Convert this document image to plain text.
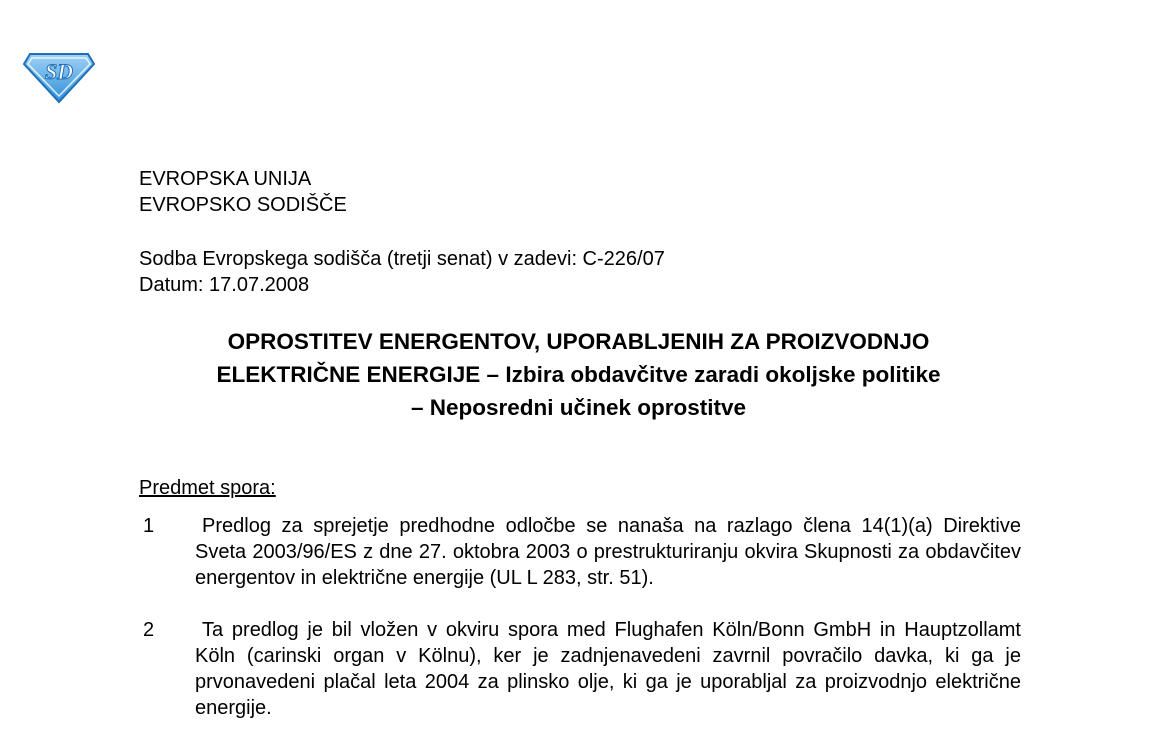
SD
EVROPSKA UNIJA
EVROPSKO SODIŠČE
Sodba Evropskega sodišča (tretji senat) v zadevi: C-226/07
Datum: 17.07.2008
OPROSTITEV ENERGENTOV, UPORABLJENIH ZA PROIZVODNJO
ELEKTRIČNE ENERGIJE – Izbira obdavčitve zaradi okoljske politike
– Neposredni učinek oprostitve
Predmet spora:
1	Predlog za sprejetje predhodne odločbe se nanaša na razlago člena 14(1)(a) Direktive Sveta 2003/96/ES z dne 27. oktobra 2003 o prestrukturiranju okvira Skupnosti za obdavčitev energentov in električne energije (UL L 283, str. 51).
2	Ta predlog je bil vložen v okviru spora med Flughafen Köln/Bonn GmbH in Hauptzollamt Köln (carinski organ v Kölnu), ker je zadnjenavedeni zavrnil povračilo davka, ki ga je prvonavedeni plačal leta 2004 za plinsko olje, ki ga je uporabljal za proizvodnjo električne energije.
